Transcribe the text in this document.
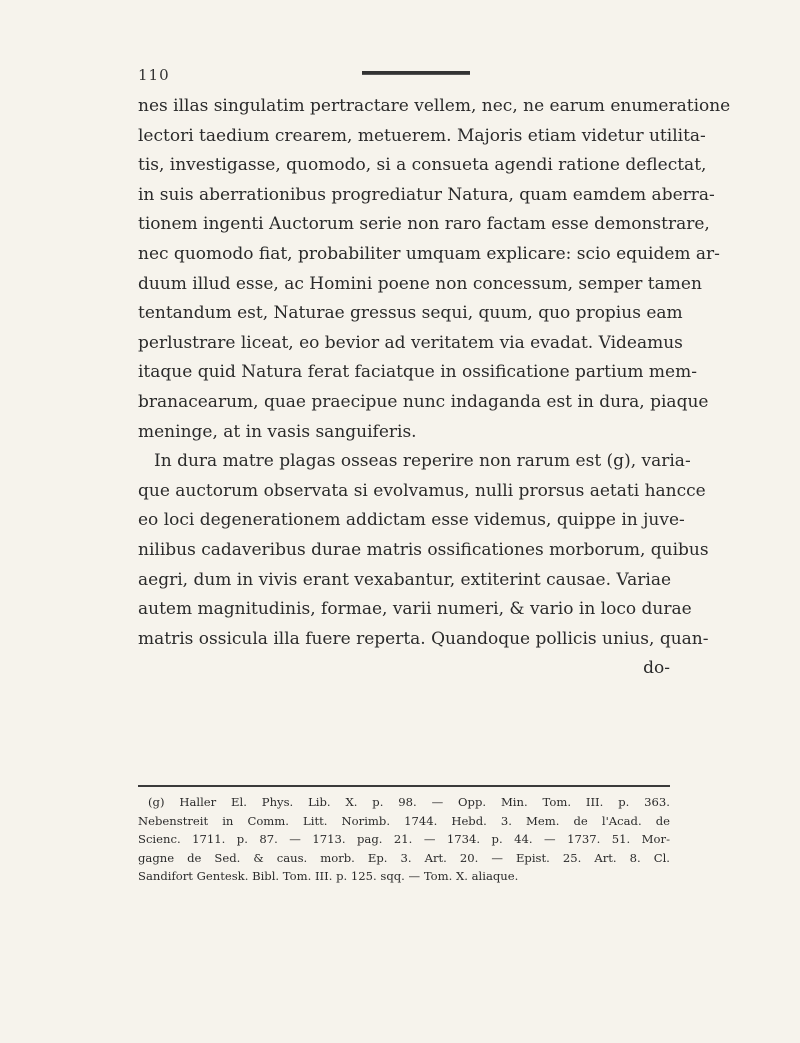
110
nes illas singulatim pertractare vellem, nec, ne earum enumeratione
lectori taedium crearem, metuerem. Majoris etiam videtur utilita-
tis, investigasse, quomodo, si a consueta agendi ratione deflectat,
in suis aberrationibus progrediatur Natura, quam eamdem aberra-
tionem ingenti Auctorum serie non raro factam esse demonstrare,
nec quomodo fiat, probabiliter umquam explicare: scio equidem ar-
duum illud esse, ac Homini poene non concessum, semper tamen
tentandum est, Naturae gressus sequi, quum, quo propius eam
perlustrare liceat, eo bevior ad veritatem via evadat. Videamus
itaque quid Natura ferat faciatque in ossificatione partium mem-
branacearum, quae praecipue nunc indaganda est in dura, piaque
meninge, at in vasis sanguiferis.
In dura matre plagas osseas reperire non rarum est (g), varia-
que auctorum observata si evolvamus, nulli prorsus aetati hancce
eo loci degenerationem addictam esse videmus, quippe in juve-
nilibus cadaveribus durae matris ossificationes morborum, quibus
aegri, dum in vivis erant vexabantur, extiterint causae. Variae
autem magnitudinis, formae, varii numeri, & vario in loco durae
matris ossicula illa fuere reperta. Quandoque pollicis unius, quan-
do-
(g) Haller El. Phys. Lib. X. p. 98. — Opp. Min. Tom. III. p. 363.
Nebenstreit in Comm. Litt. Norimb. 1744. Hebd. 3. Mem. de l'Acad. de
Scienc. 1711. p. 87. — 1713. pag. 21. — 1734. p. 44. — 1737. 51. Mor-
gagne de Sed. & caus. morb. Ep. 3. Art. 20. — Epist. 25. Art. 8. Cl.
Sandifort Gentesk. Bibl. Tom. III. p. 125. sqq. — Tom. X. aliaque.
